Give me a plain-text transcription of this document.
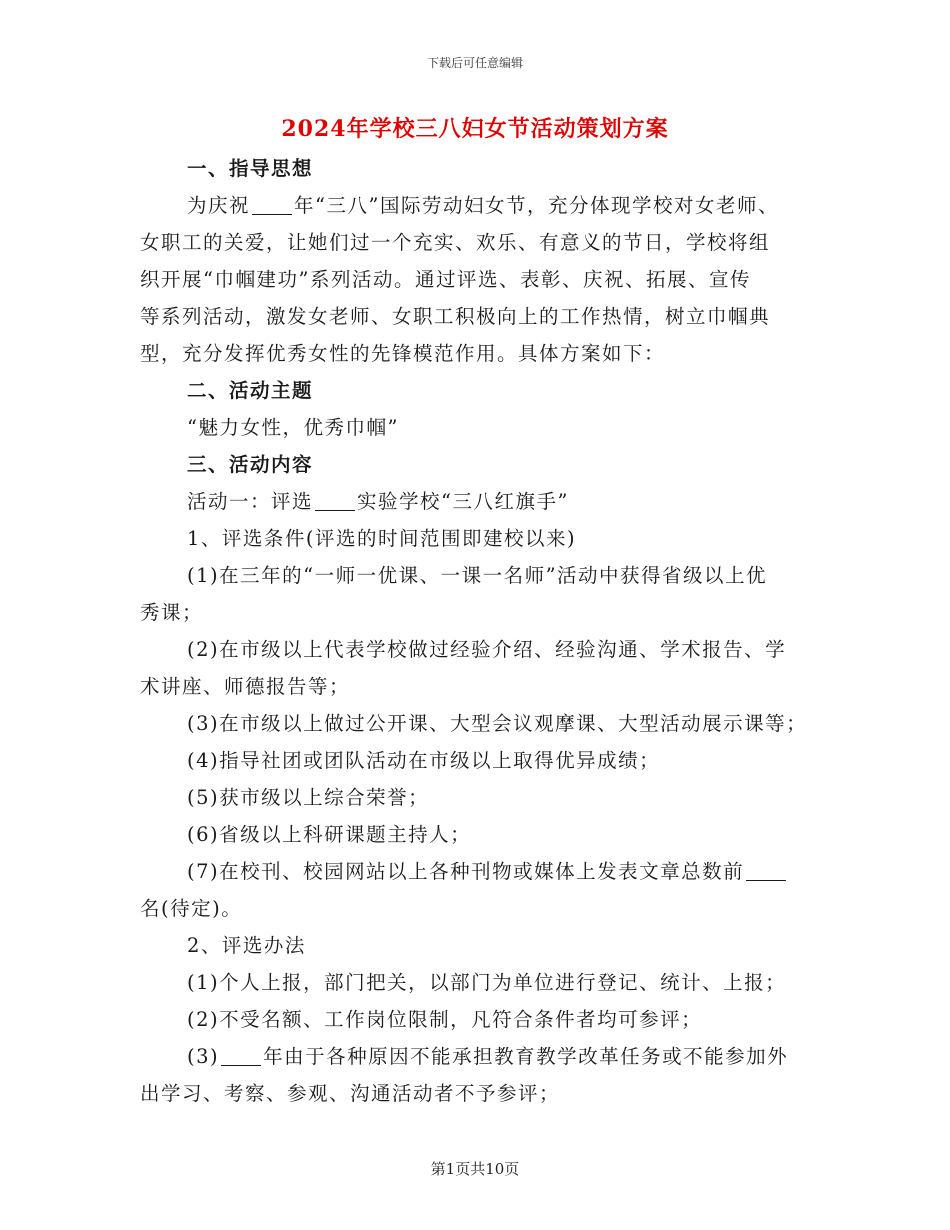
下载后可任意编辑
2024年学校三八妇女节活动策划方案
一、指导思想
为庆祝 年“三八”国际劳动妇女节，充分体现学校对女老师、
女职工的关爱，让她们过一个充实、欢乐、有意义的节日，学校将组
织开展“巾帼建功”系列活动。通过评选、表彰、庆祝、拓展、宣传
等系列活动，激发女老师、女职工积极向上的工作热情，树立巾帼典
型，充分发挥优秀女性的先锋模范作用。具体方案如下：
二、活动主题
“魅力女性，优秀巾帼”
三、活动内容
活动一：评选 实验学校“三八红旗手”
1、评选条件(评选的时间范围即建校以来)
(1)在三年的“一师一优课、一课一名师”活动中获得省级以上优
秀课；
(2)在市级以上代表学校做过经验介绍、经验沟通、学术报告、学
术讲座、师德报告等；
(3)在市级以上做过公开课、大型会议观摩课、大型活动展示课等；
(4)指导社团或团队活动在市级以上取得优异成绩；
(5)获市级以上综合荣誉；
(6)省级以上科研课题主持人；
(7)在校刊、校园网站以上各种刊物或媒体上发表文章总数前
名(待定)。
2、评选办法
(1)个人上报，部门把关，以部门为单位进行登记、统计、上报；
(2)不受名额、工作岗位限制，凡符合条件者均可参评；
(3) 年由于各种原因不能承担教育教学改革任务或不能参加外
出学习、考察、参观、沟通活动者不予参评；
第1页共10页
